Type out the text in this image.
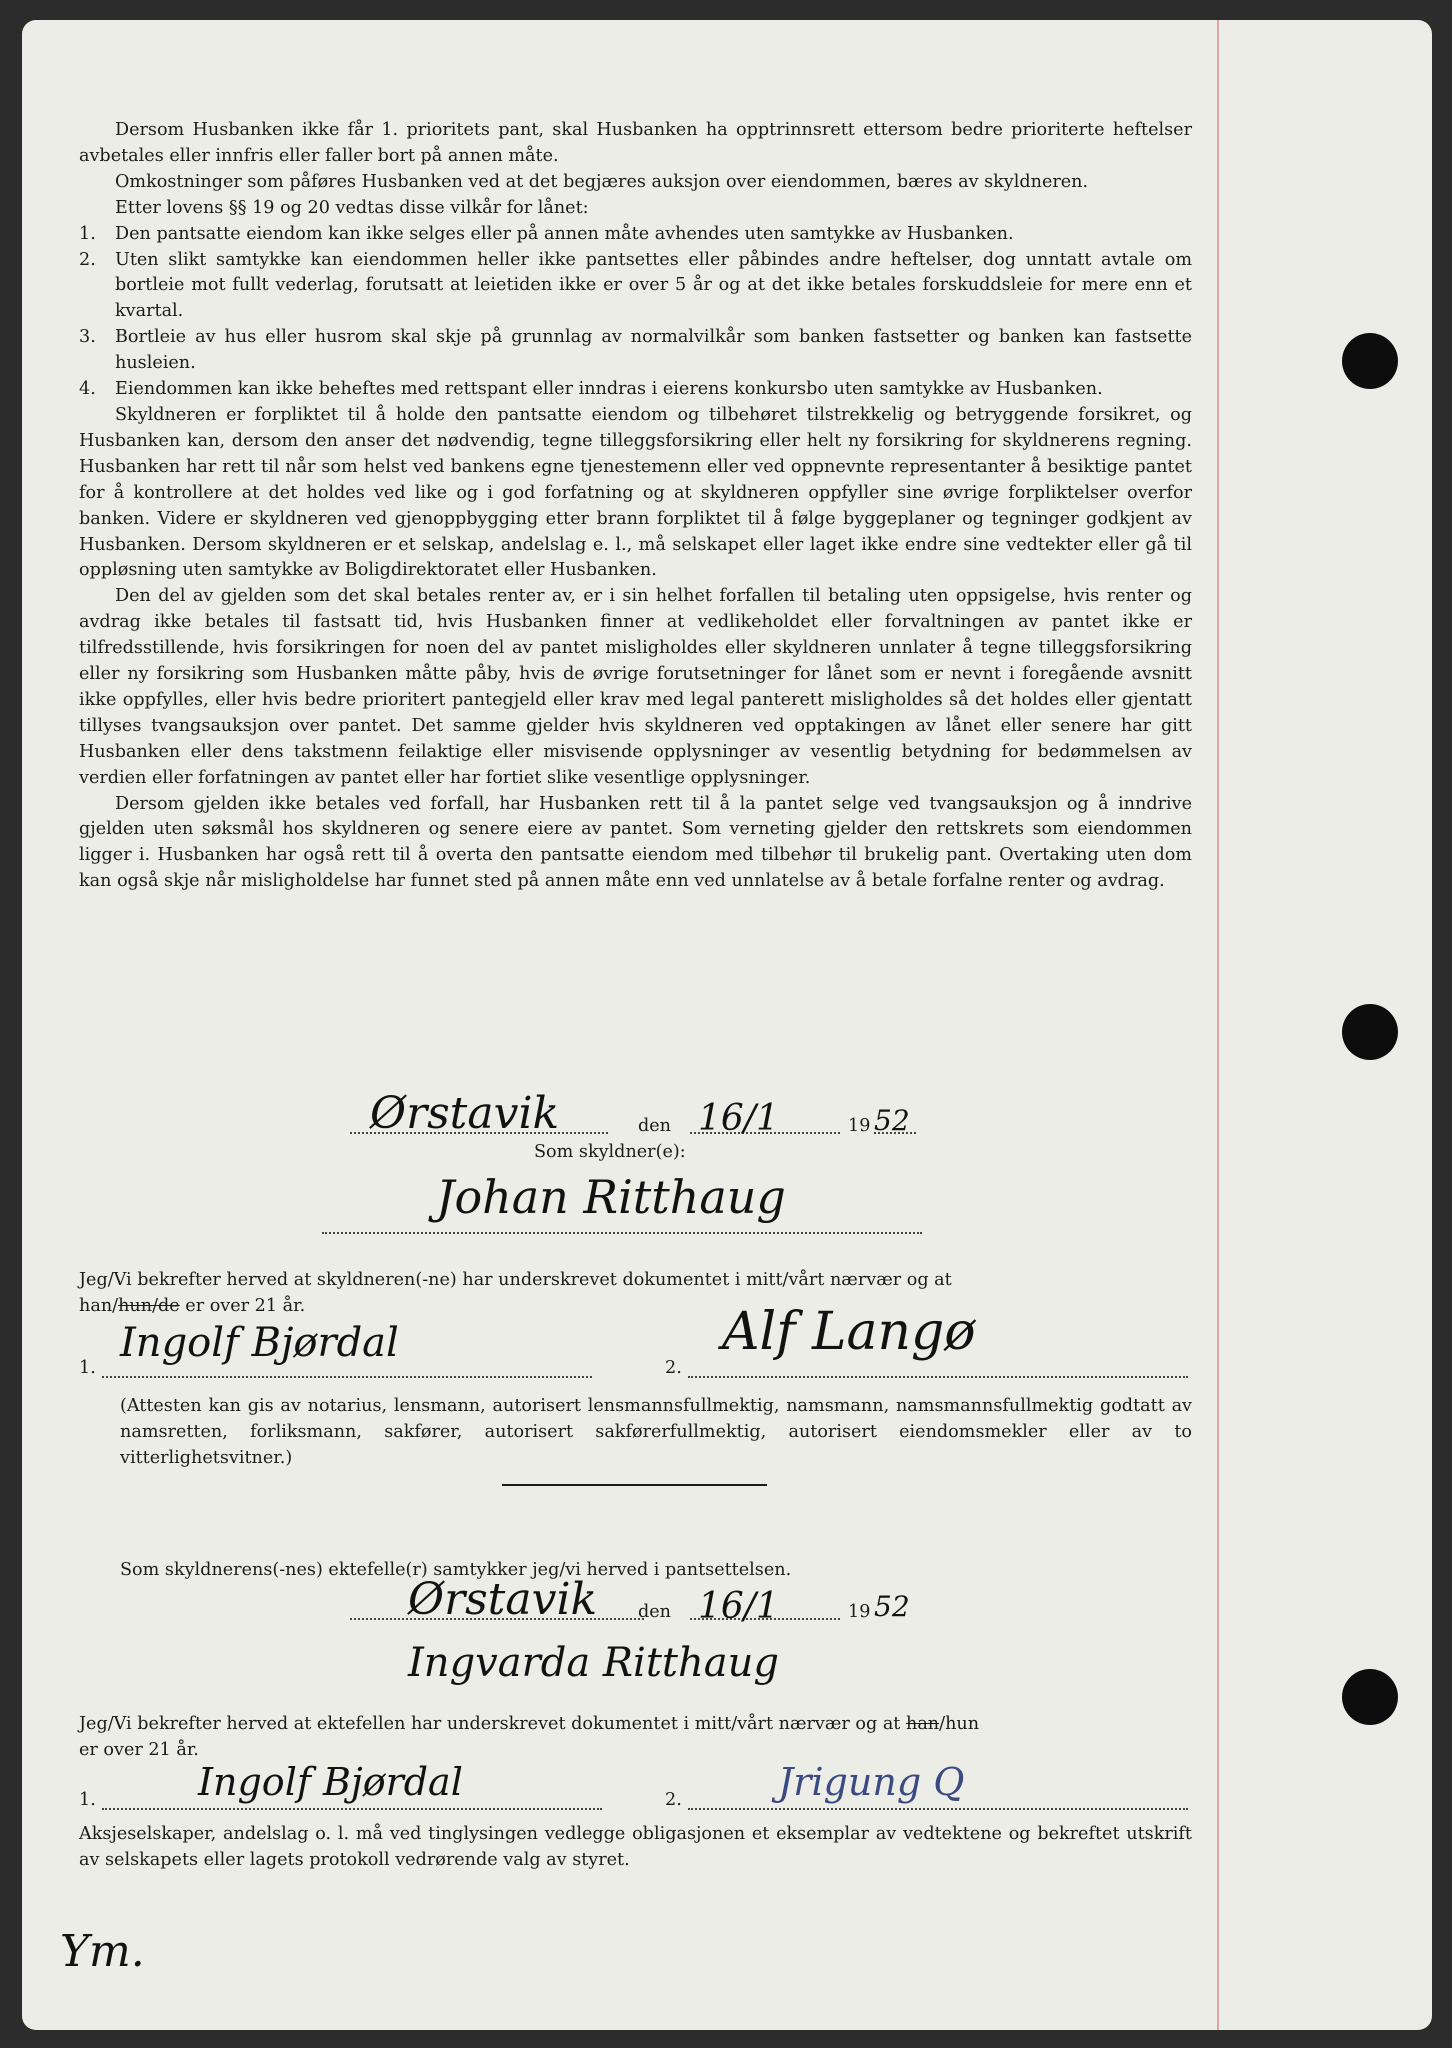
Dersom Husbanken ikke får 1. prioritets pant, skal Husbanken ha opptrinnsrett ettersom bedre prioriterte heftelser avbetales eller innfris eller faller bort på annen måte.

Omkostninger som påføres Husbanken ved at det begjæres auksjon over eiendommen, bæres av skyldneren.

Etter lovens §§ 19 og 20 vedtas disse vilkår for lånet:

1. Den pantsatte eiendom kan ikke selges eller på annen måte avhendes uten samtykke av Husbanken.

2. Uten slikt samtykke kan eiendommen heller ikke pantsettes eller påbindes andre heftelser, dog unntatt avtale om bortleie mot fullt vederlag, forutsatt at leietiden ikke er over 5 år og at det ikke betales forskuddsleie for mere enn et kvartal.

3. Bortleie av hus eller husrom skal skje på grunnlag av normalvilkår som banken fastsetter og banken kan fastsette husleien.

4. Eiendommen kan ikke beheftes med rettspant eller inndras i eierens konkursbo uten samtykke av Husbanken.

Skyldneren er forpliktet til å holde den pantsatte eiendom og tilbehøret tilstrekkelig og betryggende forsikret, og Husbanken kan, dersom den anser det nødvendig, tegne tilleggsforsikring eller helt ny forsikring for skyldnerens regning. Husbanken har rett til når som helst ved bankens egne tjenestemenn eller ved oppnevnte representanter å besiktige pantet for å kontrollere at det holdes ved like og i god forfatning og at skyldneren oppfyller sine øvrige forpliktelser overfor banken. Videre er skyldneren ved gjenoppbygging etter brann forpliktet til å følge byggeplaner og tegninger godkjent av Husbanken. Dersom skyldneren er et selskap, andelslag e. l., må selskapet eller laget ikke endre sine vedtekter eller gå til oppløsning uten samtykke av Boligdirektoratet eller Husbanken.

Den del av gjelden som det skal betales renter av, er i sin helhet forfallen til betaling uten oppsigelse, hvis renter og avdrag ikke betales til fastsatt tid, hvis Husbanken finner at vedlikeholdet eller forvaltningen av pantet ikke er tilfredsstillende, hvis forsikringen for noen del av pantet misligholdes eller skyldneren unnlater å tegne tilleggsforsikring eller ny forsikring som Husbanken måtte påby, hvis de øvrige forutsetninger for lånet som er nevnt i foregående avsnitt ikke oppfylles, eller hvis bedre prioritert pantegjeld eller krav med legal panterett misligholdes så det holdes eller gjentatt tillyses tvangsauksjon over pantet. Det samme gjelder hvis skyldneren ved opptakingen av lånet eller senere har gitt Husbanken eller dens takstmenn feilaktige eller misvisende opplysninger av vesentlig betydning for bedømmelsen av verdien eller forfatningen av pantet eller har fortiet slike vesentlige opplysninger.

Dersom gjelden ikke betales ved forfall, har Husbanken rett til å la pantet selge ved tvangsauksjon og å inndrive gjelden uten søksmål hos skyldneren og senere eiere av pantet. Som verneting gjelder den rettskrets som eiendommen ligger i. Husbanken har også rett til å overta den pantsatte eiendom med tilbehør til brukelig pant. Overtaking uten dom kan også skje når misligholdelse har funnet sted på annen måte enn ved unnlatelse av å betale forfalne renter og avdrag.

Ørstavik	den 16/1	19 52
Som skyldner(e):
Johan Ritthaug

Jeg/Vi bekrefter herved at skyldneren(-ne) har underskrevet dokumentet i mitt/vårt nærvær og at

han/hun/de er over 21 år.

1.
Ingolf Bjørdal
2.
Alf Langø
(Attesten kan gis av notarius, lensmann, autorisert lensmannsfullmektig, namsmann, namsmannsfullmektig godtatt av namsretten, forliksmann, sakfører, autorisert sakførerfullmektig, autorisert eiendomsmekler eller av to vitterlighetsvitner.)
Som skyldnerens(-nes) ektefelle(r) samtykker jeg/vi herved i pantsettelsen.
Ørstavik den 16/1	19 52
Ingvarda Ritthaug

Jeg/Vi bekrefter herved at ektefellen har underskrevet dokumentet i mitt/vårt nærvær og at han/hun

er over 21 år.

1.	Ingolf Bjørdal	2.	Jrigung Q
Aksjeselskaper, andelslag o. l. må ved tinglysingen vedlegge obligasjonen et eksemplar av vedtektene og bekreftet utskrift av selskapets eller lagets protokoll vedrørende valg av styret.
Ym.
